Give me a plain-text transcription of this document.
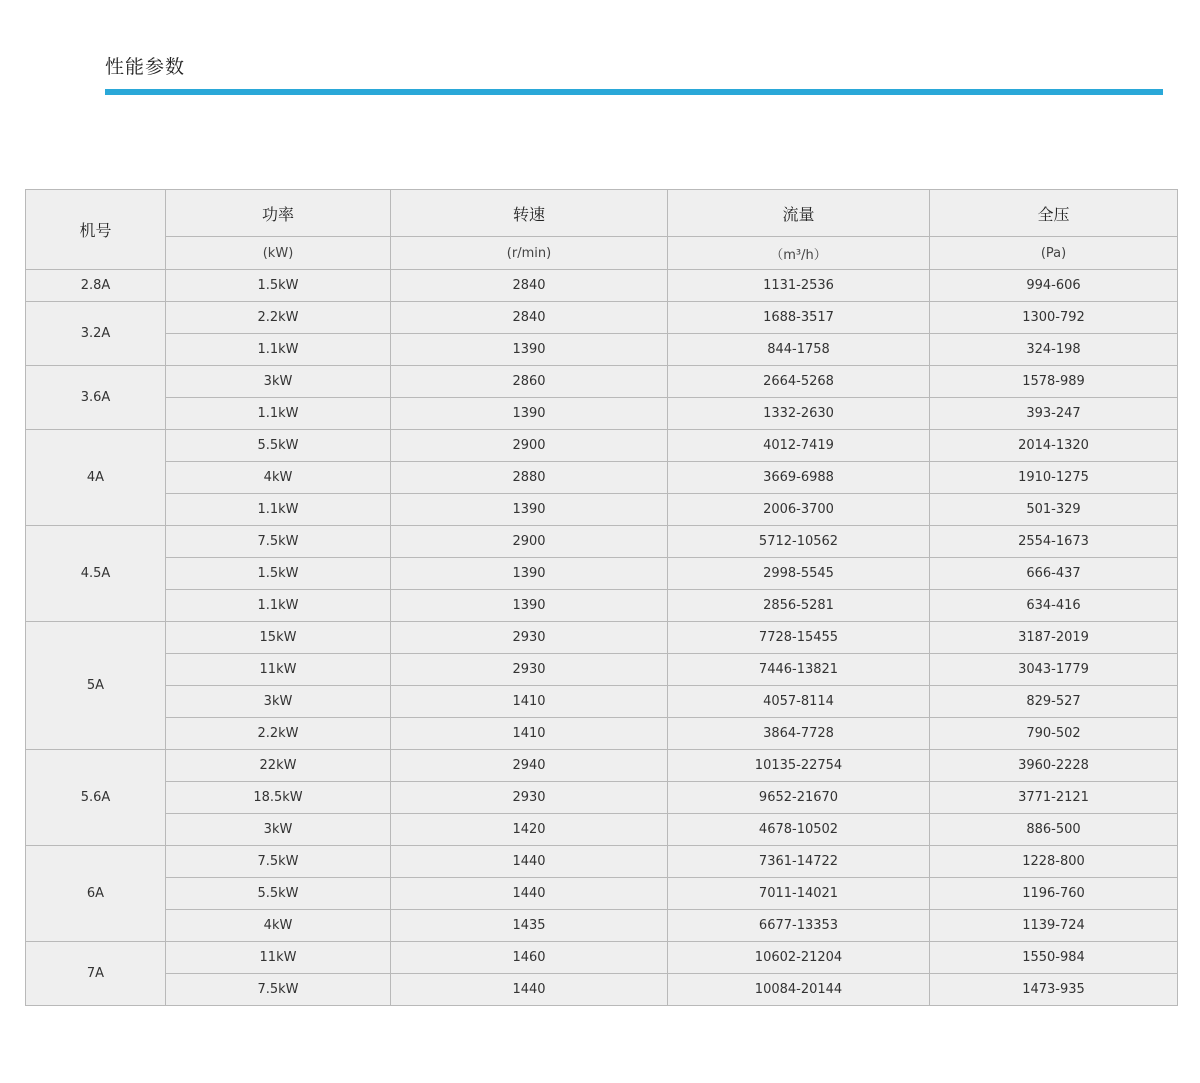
性能参数
机号	功率	转速	流量	全压
	(kW)	(r/min)	（m³/h）	(Pa)
2.8A	1.5kW	2840	1131-2536	994-606
3.2A	2.2kW	2840	1688-3517	1300-792
	1.1kW	1390	844-1758	324-198
3.6A	3kW	2860	2664-5268	1578-989
	1.1kW	1390	1332-2630	393-247
4A	5.5kW	2900	4012-7419	2014-1320
	4kW	2880	3669-6988	1910-1275
	1.1kW	1390	2006-3700	501-329
4.5A	7.5kW	2900	5712-10562	2554-1673
	1.5kW	1390	2998-5545	666-437
	1.1kW	1390	2856-5281	634-416
5A	15kW	2930	7728-15455	3187-2019
	11kW	2930	7446-13821	3043-1779
	3kW	1410	4057-8114	829-527
	2.2kW	1410	3864-7728	790-502
5.6A	22kW	2940	10135-22754	3960-2228
	18.5kW	2930	9652-21670	3771-2121
	3kW	1420	4678-10502	886-500
6A	7.5kW	1440	7361-14722	1228-800
	5.5kW	1440	7011-14021	1196-760
	4kW	1435	6677-13353	1139-724
7A	11kW	1460	10602-21204	1550-984
	7.5kW	1440	10084-20144	1473-935
